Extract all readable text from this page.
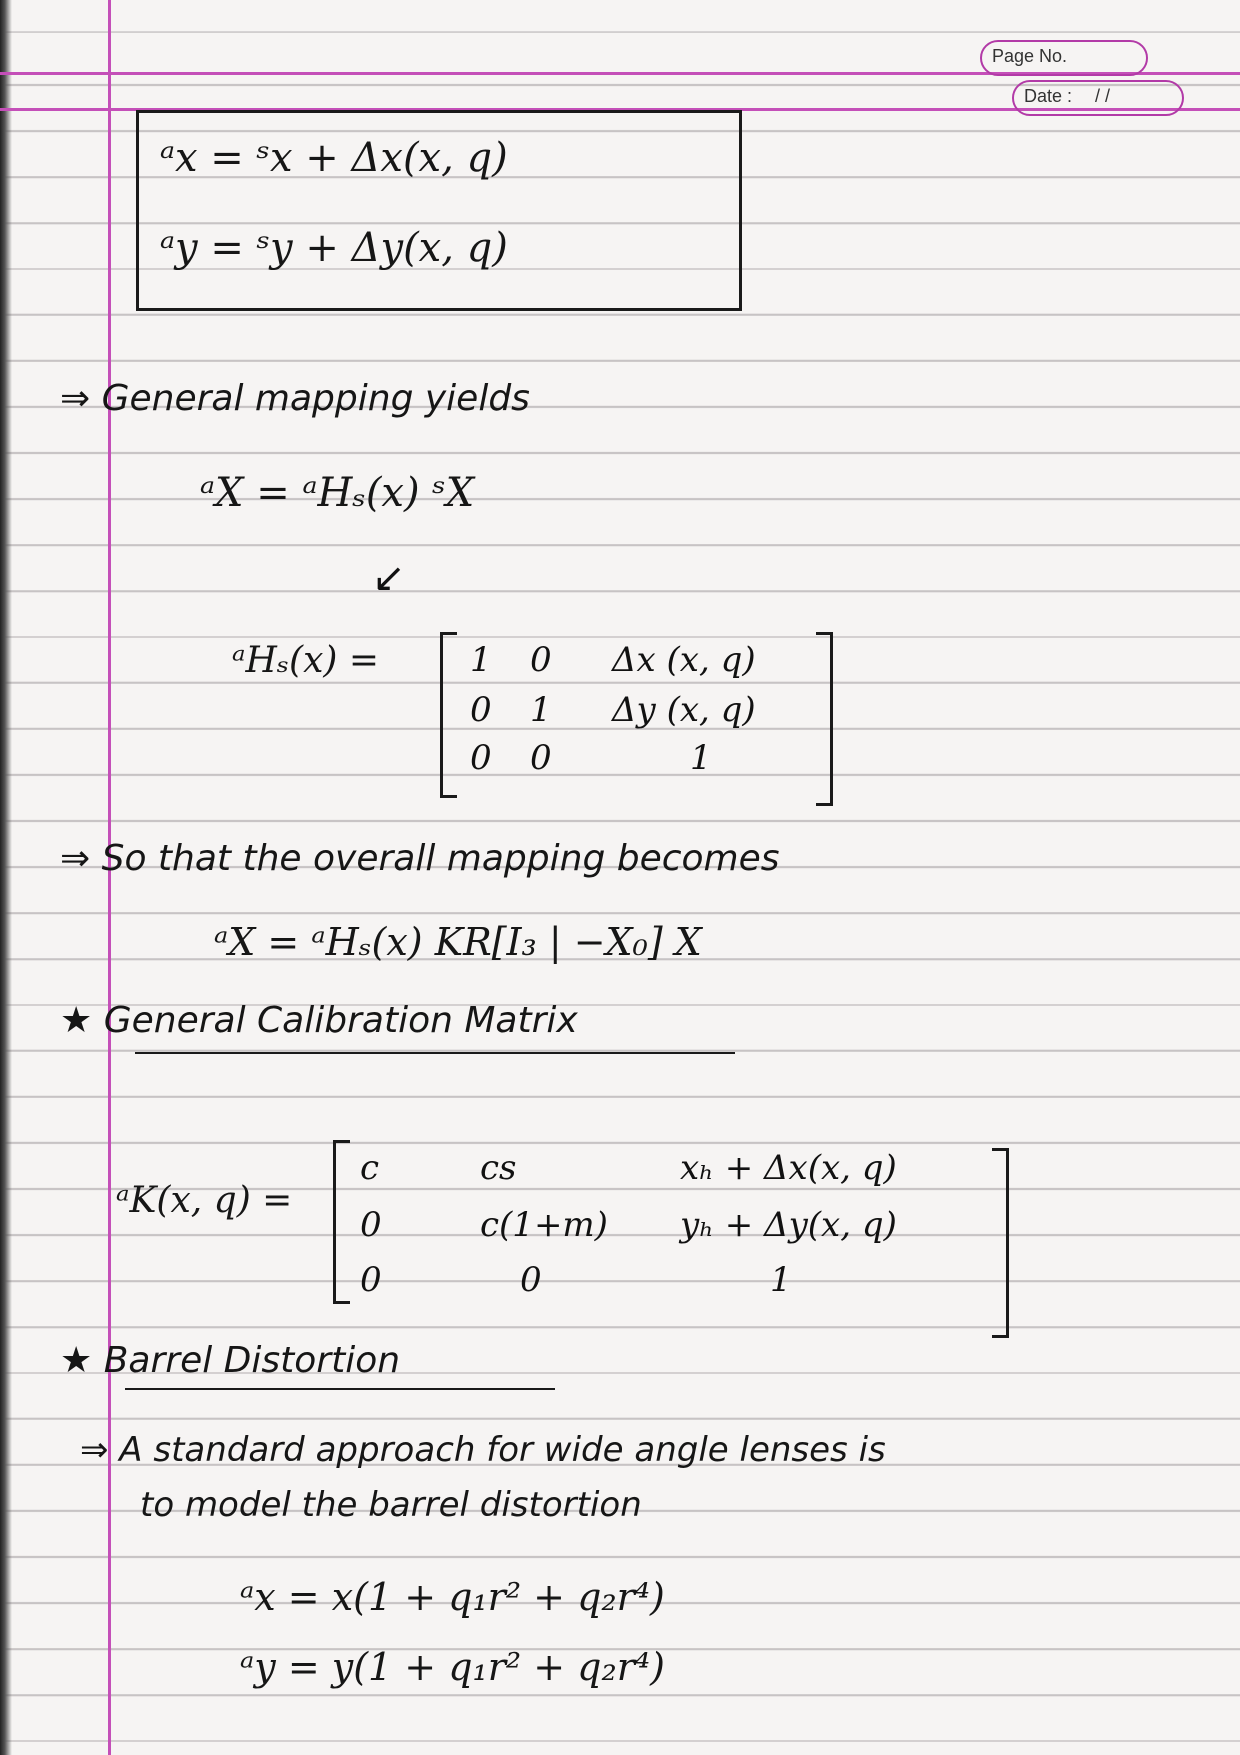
Page No.
Date : / /
ᵃx = ˢx + Δx(x, q)
ᵃy = ˢy + Δy(x, q)
⇒ General mapping yields
ᵃX = ᵃHₛ(x) ˢX
↙
ᵃHₛ(x) =	1 0 Δx (x, q)
0 1 Δy (x, q)
0 0	1
⇒ So that the overall mapping becomes
ᵃX = ᵃHₛ(x) KR[I₃ | −X₀] X
★ General Calibration Matrix
ᵃK(x, q) =
c	cs	xₕ + Δx(x, q)
0	c(1+m) yₕ + Δy(x, q)
0	0	1
★ Barrel Distortion
⇒ A standard approach for wide angle lenses is
to model the barrel distortion
ᵃx = x(1 + q₁r² + q₂r⁴)
ᵃy = y(1 + q₁r² + q₂r⁴)
